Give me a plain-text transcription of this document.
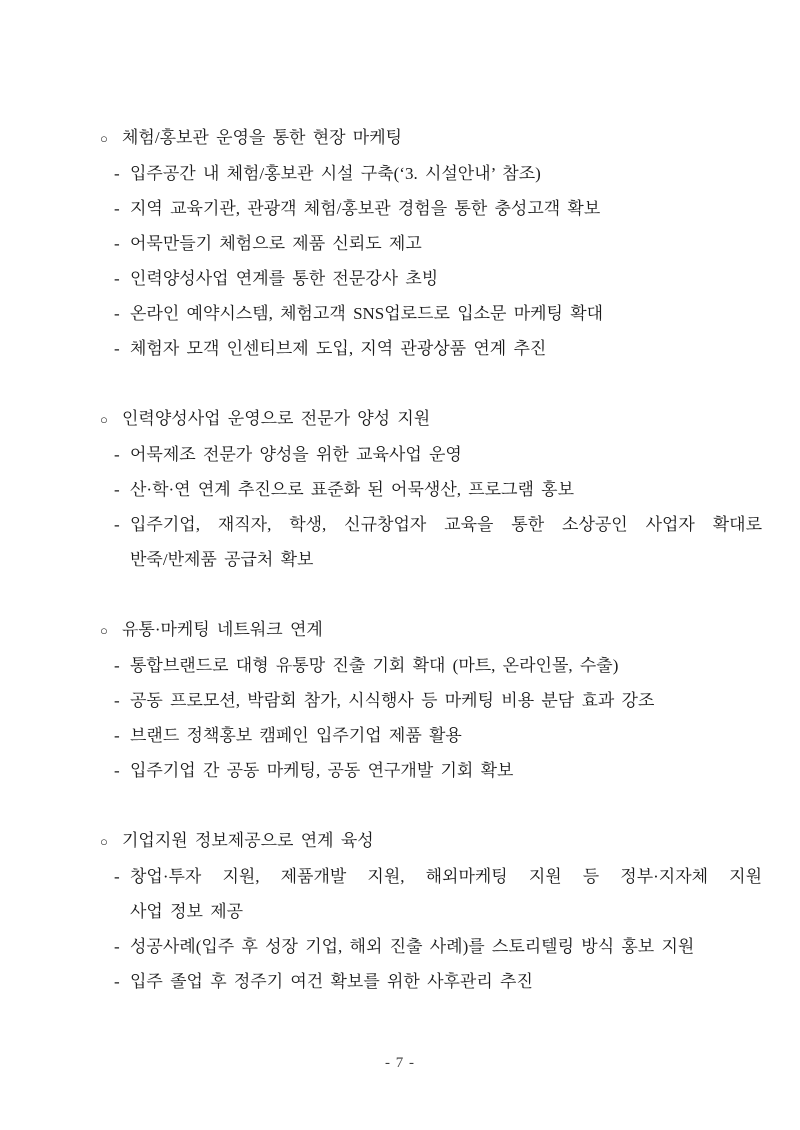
○ 체험/홍보관 운영을 통한 현장 마케팅
- 입주공간 내 체험/홍보관 시설 구축(‘3. 시설안내’ 참조)
- 지역 교육기관, 관광객 체험/홍보관 경험을 통한 충성고객 확보
- 어묵만들기 체험으로 제품 신뢰도 제고
- 인력양성사업 연계를 통한 전문강사 초빙
- 온라인 예약시스템, 체험고객 SNS업로드로 입소문 마케팅 확대
- 체험자 모객 인센티브제 도입, 지역 관광상품 연계 추진
○ 인력양성사업 운영으로 전문가 양성 지원
- 어묵제조 전문가 양성을 위한 교육사업 운영
- 산·학·연 연계 추진으로 표준화 된 어묵생산, 프로그램 홍보
- 입주기업, 재직자, 학생, 신규창업자 교육을 통한 소상공인 사업자 확대로
반죽/반제품 공급처 확보
○ 유통·마케팅 네트워크 연계
- 통합브랜드로 대형 유통망 진출 기회 확대 (마트, 온라인몰, 수출)
- 공동 프로모션, 박람회 참가, 시식행사 등 마케팅 비용 분담 효과 강조
- 브랜드 정책홍보 캠페인 입주기업 제품 활용
- 입주기업 간 공동 마케팅, 공동 연구개발 기회 확보
○ 기업지원 정보제공으로 연계 육성
- 창업·투자 지원, 제품개발 지원, 해외마케팅 지원 등 정부·지자체 지원
사업 정보 제공
- 성공사례(입주 후 성장 기업, 해외 진출 사례)를 스토리텔링 방식 홍보 지원
- 입주 졸업 후 정주기 여건 확보를 위한 사후관리 추진
- 7 -
